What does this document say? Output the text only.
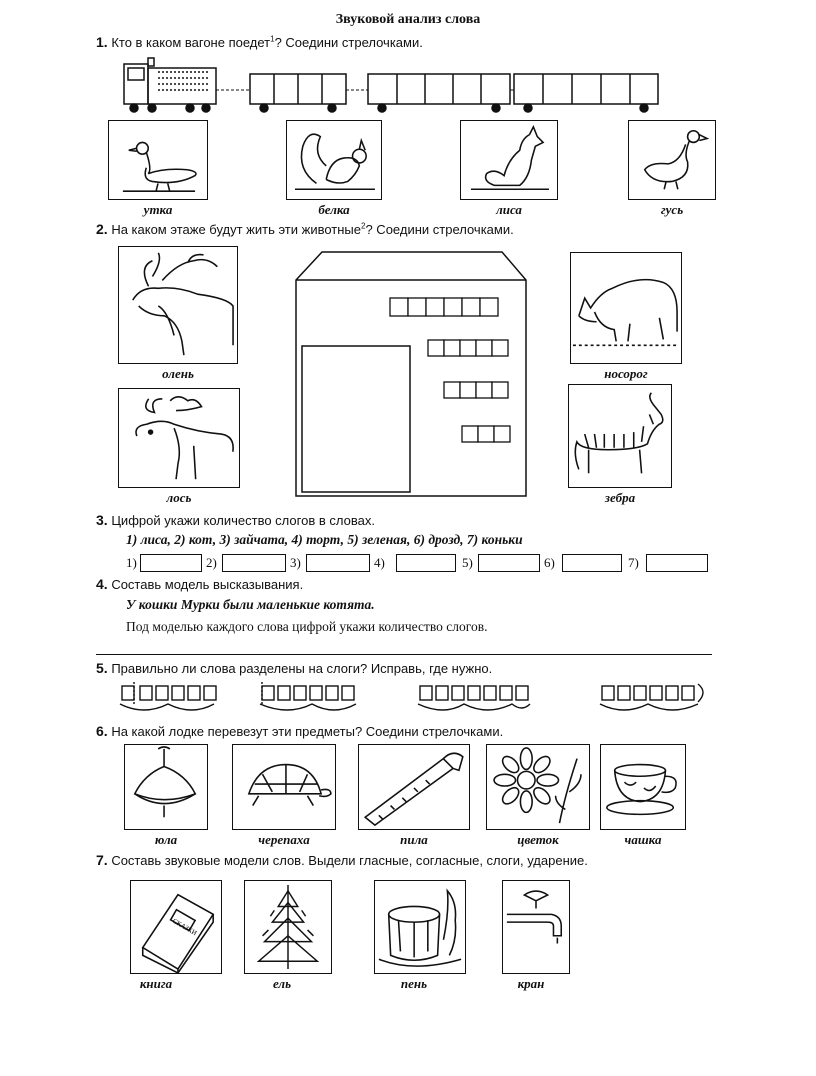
Звуковой анализ слова
1. Кто в каком вагоне поедет$^1$? Соедини стрелочками.
утка	белка	лиса	гусь
2. На каком этаже будут жить эти животные$^2$? Соедини стрелочками.
олень	носорог
лось	зебра
3. Цифрой укажи количество слогов в словах.
1) лиса, 2) кот, 3) зайчата, 4) торт, 5) зеленая, 6) дрозд, 7) коньки
1)	2)	3)	4)	5)	6)	7)
4. Составь модель высказывания.
У кошки Мурки были маленькие котята.
Под моделью каждого слова цифрой укажи количество слогов.
5. Правильно ли слова разделены на слоги? Исправь, где нужно.
6. На какой лодке перевезут эти предметы? Соедини стрелочками.
юла	черепаха	пила	цветок	чашка
7. Составь звуковые модели слов. Выдели гласные, согласные, слоги, ударение.
СКАЗКИ
книга	ель	пень	кран
